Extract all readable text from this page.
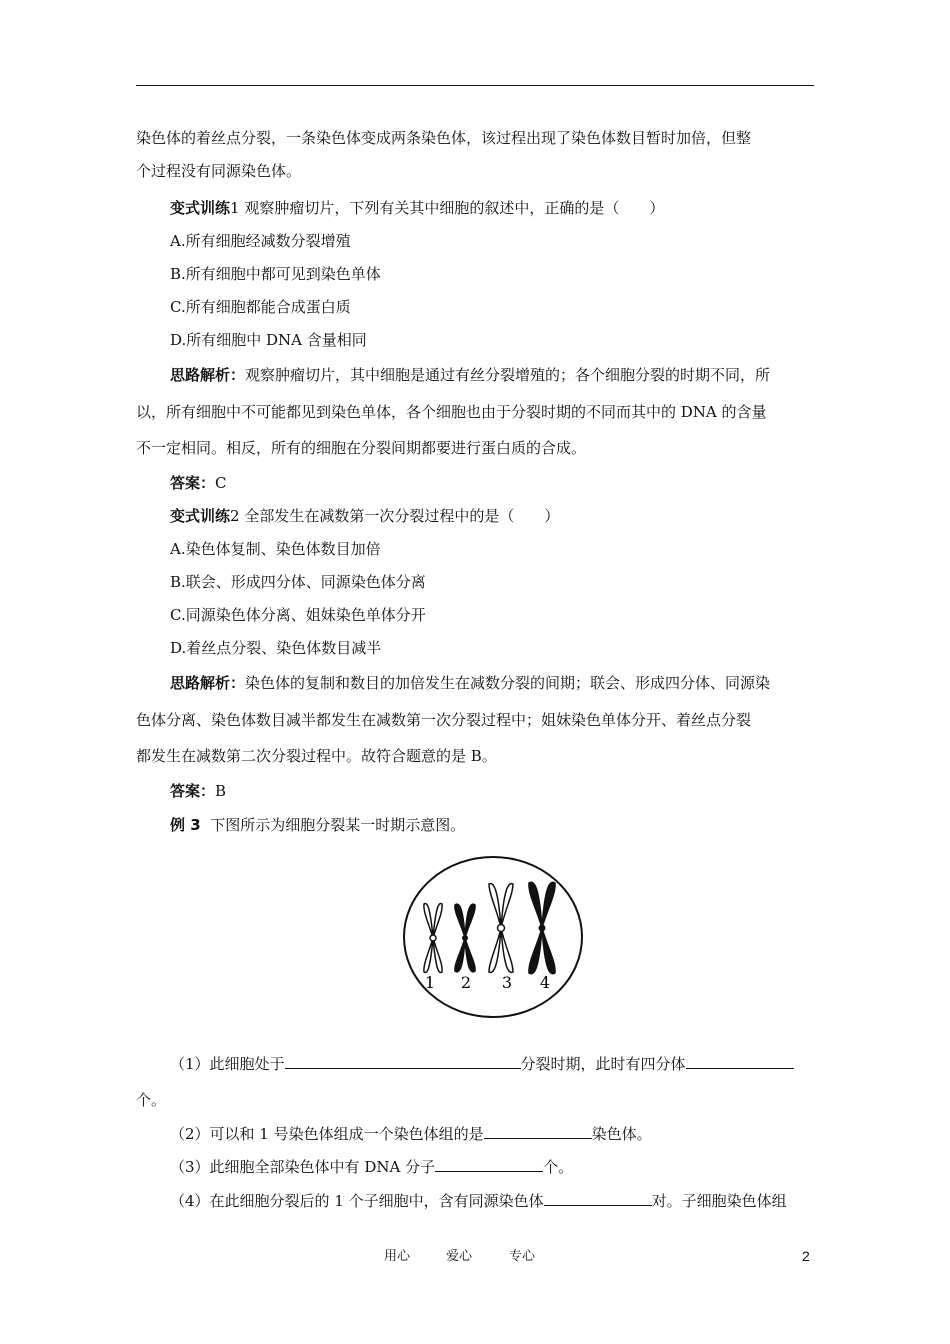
染色体的着丝点分裂，一条染色体变成两条染色体，该过程出现了染色体数目暂时加倍，但整
个过程没有同源染色体。
变式训练1 观察肿瘤切片，下列有关其中细胞的叙述中，正确的是（　　）
A.所有细胞经减数分裂增殖
B.所有细胞中都可见到染色单体
C.所有细胞都能合成蛋白质
D.所有细胞中 DNA 含量相同
思路解析：观察肿瘤切片，其中细胞是通过有丝分裂增殖的；各个细胞分裂的时期不同，所
以，所有细胞中不可能都见到染色单体，各个细胞也由于分裂时期的不同而其中的 DNA 的含量
不一定相同。相反，所有的细胞在分裂间期都要进行蛋白质的合成。
答案：C
变式训练2 全部发生在减数第一次分裂过程中的是（　　）
A.染色体复制、染色体数目加倍
B.联会、形成四分体、同源染色体分离
C.同源染色体分离、姐妹染色单体分开
D.着丝点分裂、染色体数目减半
思路解析：染色体的复制和数目的加倍发生在减数分裂的间期；联会、形成四分体、同源染
色体分离、染色体数目减半都发生在减数第一次分裂过程中；姐妹染色单体分开、着丝点分裂
都发生在减数第二次分裂过程中。故符合题意的是 B。
答案：B
例 3 下图所示为细胞分裂某一时期示意图。
1 2 3 4
（1）此细胞处于	分裂时期，此时有四分体
个。
（2）可以和 1 号染色体组成一个染色体组的是	染色体。
（3）此细胞全部染色体中有 DNA 分子	个。
（4）在此细胞分裂后的 1 个子细胞中，含有同源染色体	对。子细胞染色体组
用心	爱心	专心	2
